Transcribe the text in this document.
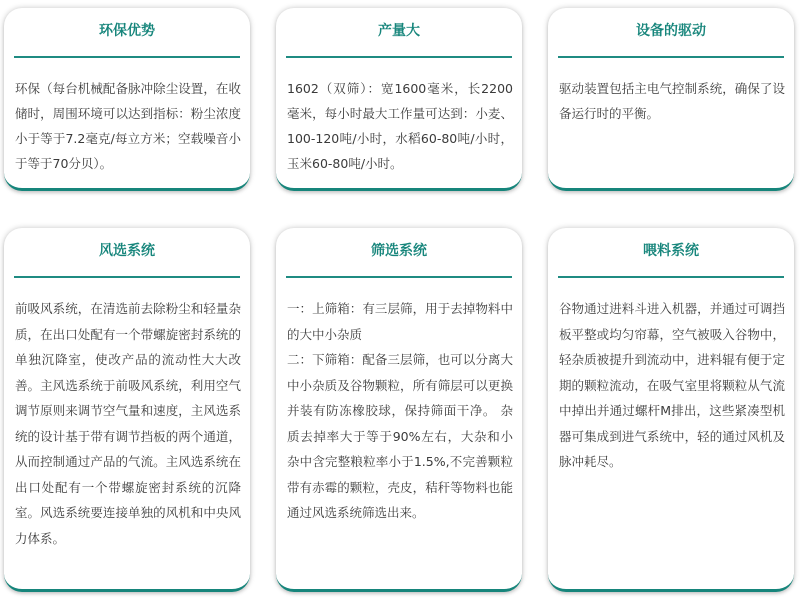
环保优势
环保（每台机械配备脉冲除尘设置，在收储时，周围环境可以达到指标：粉尘浓度小于等于7.2毫克/每立方米；空载噪音小于等于70分贝）。
产量大
1602（双筛）：宽1600毫米，长2200毫米，每小时最大工作量可达到：小麦、100-120吨/小时，水稻60-80吨/小时，玉米60-80吨/小时。
设备的驱动
驱动装置包括主电气控制系统，确保了设备运行时的平衡。
风选系统
前吸风系统，在清选前去除粉尘和轻量杂质，在出口处配有一个带螺旋密封系统的单独沉降室，使改产品的流动性大大改善。主风选系统于前吸风系统，利用空气调节原则来调节空气量和速度，主风选系统的设计基于带有调节挡板的两个通道，从而控制通过产品的气流。主风选系统在出口处配有一个带螺旋密封系统的沉降室。风选系统要连接单独的风机和中央风力体系。
筛选系统
一：上筛箱：有三层筛，用于去掉物料中的大中小杂质
二：下筛箱：配备三层筛，也可以分离大中小杂质及谷物颗粒，所有筛层可以更换并装有防冻橡胶球，保持筛面干净。 杂质去掉率大于等于90%左右，大杂和小杂中含完整粮粒率小于1.5%,不完善颗粒带有赤霉的颗粒，壳皮，秸秆等物料也能通过风选系统筛选出来。
喂料系统
谷物通过进料斗进入机器，并通过可调挡板平整或均匀帘幕，空气被吸入谷物中，轻杂质被提升到流动中，进料辊有便于定期的颗粒流动，在吸气室里将颗粒从气流中掉出并通过螺杆M排出，这些紧凑型机器可集成到进气系统中，轻的通过风机及脉冲耗尽。
